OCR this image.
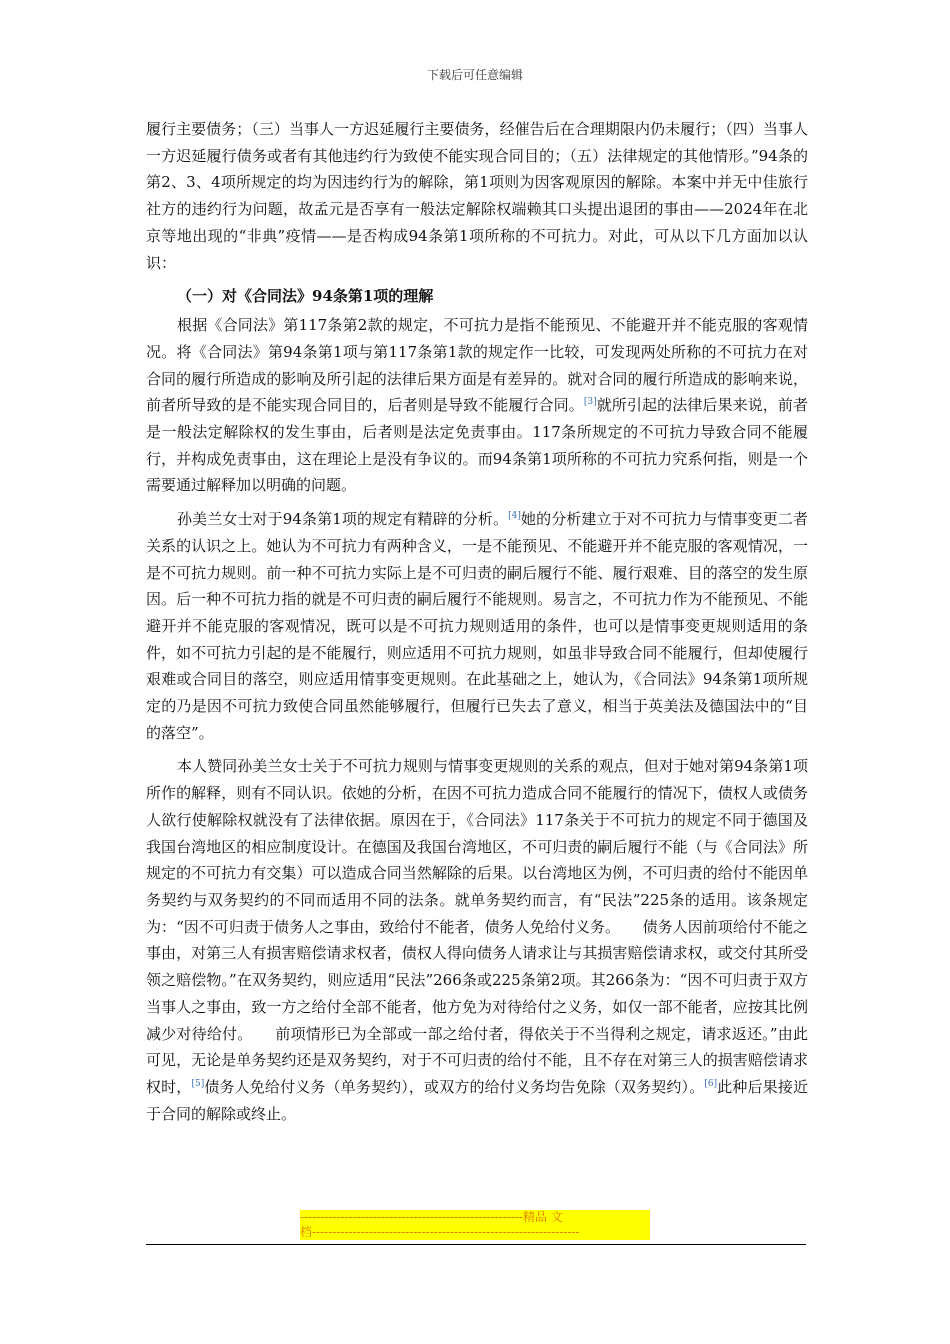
下载后可任意编辑

履行主要债务；（三）当事人一方迟延履行主要债务，经催告后在合理期限内仍未履行；（四）当事人一方迟延履行债务或者有其他违约行为致使不能实现合同目的；（五）法律规定的其他情形。”94条的第2、3、4项所规定的均为因违约行为的解除，第1项则为因客观原因的解除。本案中并无中佳旅行社方的违约行为问题，故孟元是否享有一般法定解除权端赖其口头提出退团的事由——2024年在北京等地出现的“非典”疫情——是否构成94条第1项所称的不可抗力。对此，可从以下几方面加以认识：

（一）对《合同法》94条第1项的理解

根据《合同法》第117条第2款的规定，不可抗力是指不能预见、不能避开并不能克服的客观情况。将《合同法》第94条第1项与第117条第1款的规定作一比较，可发现两处所称的不可抗力在对合同的履行所造成的影响及所引起的法律后果方面是有差异的。就对合同的履行所造成的影响来说，前者所导致的是不能实现合同目的，后者则是导致不能履行合同。[3]就所引起的法律后果来说，前者是一般法定解除权的发生事由，后者则是法定免责事由。117条所规定的不可抗力导致合同不能履行，并构成免责事由，这在理论上是没有争议的。而94条第1项所称的不可抗力究系何指，则是一个需要通过解释加以明确的问题。

孙美兰女士对于94条第1项的规定有精辟的分析。[4]她的分析建立于对不可抗力与情事变更二者关系的认识之上。她认为不可抗力有两种含义，一是不能预见、不能避开并不能克服的客观情况，一是不可抗力规则。前一种不可抗力实际上是不可归责的嗣后履行不能、履行艰难、目的落空的发生原因。后一种不可抗力指的就是不可归责的嗣后履行不能规则。易言之，不可抗力作为不能预见、不能避开并不能克服的客观情况，既可以是不可抗力规则适用的条件，也可以是情事变更规则适用的条件，如不可抗力引起的是不能履行，则应适用不可抗力规则，如虽非导致合同不能履行，但却使履行艰难或合同目的落空，则应适用情事变更规则。在此基础之上，她认为，《合同法》94条第1项所规定的乃是因不可抗力致使合同虽然能够履行，但履行已失去了意义，相当于英美法及德国法中的“目的落空”。

本人赞同孙美兰女士关于不可抗力规则与情事变更规则的关系的观点，但对于她对第94条第1项所作的解释，则有不同认识。依她的分析，在因不可抗力造成合同不能履行的情况下，债权人或债务人欲行使解除权就没有了法律依据。原因在于，《合同法》117条关于不可抗力的规定不同于德国及我国台湾地区的相应制度设计。在德国及我国台湾地区，不可归责的嗣后履行不能（与《合同法》所规定的不可抗力有交集）可以造成合同当然解除的后果。以台湾地区为例，不可归责的给付不能因单务契约与双务契约的不同而适用不同的法条。就单务契约而言，有“民法”225条的适用。该条规定为：“因不可归责于债务人之事由，致给付不能者，债务人免给付义务。　　债务人因前项给付不能之事由，对第三人有损害赔偿请求权者，债权人得向债务人请求让与其损害赔偿请求权，或交付其所受领之赔偿物。”在双务契约，则应适用“民法”266条或225条第2项。其266条为：“因不可归责于双方当事人之事由，致一方之给付全部不能者，他方免为对待给付之义务，如仅一部不能者，应按其比例减少对待给付。　　前项情形已为全部或一部之给付者，得依关于不当得利之规定，请求返还。”由此可见，无论是单务契约还是双务契约，对于不可归责的给付不能，且不存在对第三人的损害赔偿请求权时，[5]债务人免给付义务（单务契约），或双方的给付义务均告免除（双务契约）。[6]此种后果接近于合同的解除或终止。

-------------------------------------------------------精品 文
档------------------------------------------------------------------
